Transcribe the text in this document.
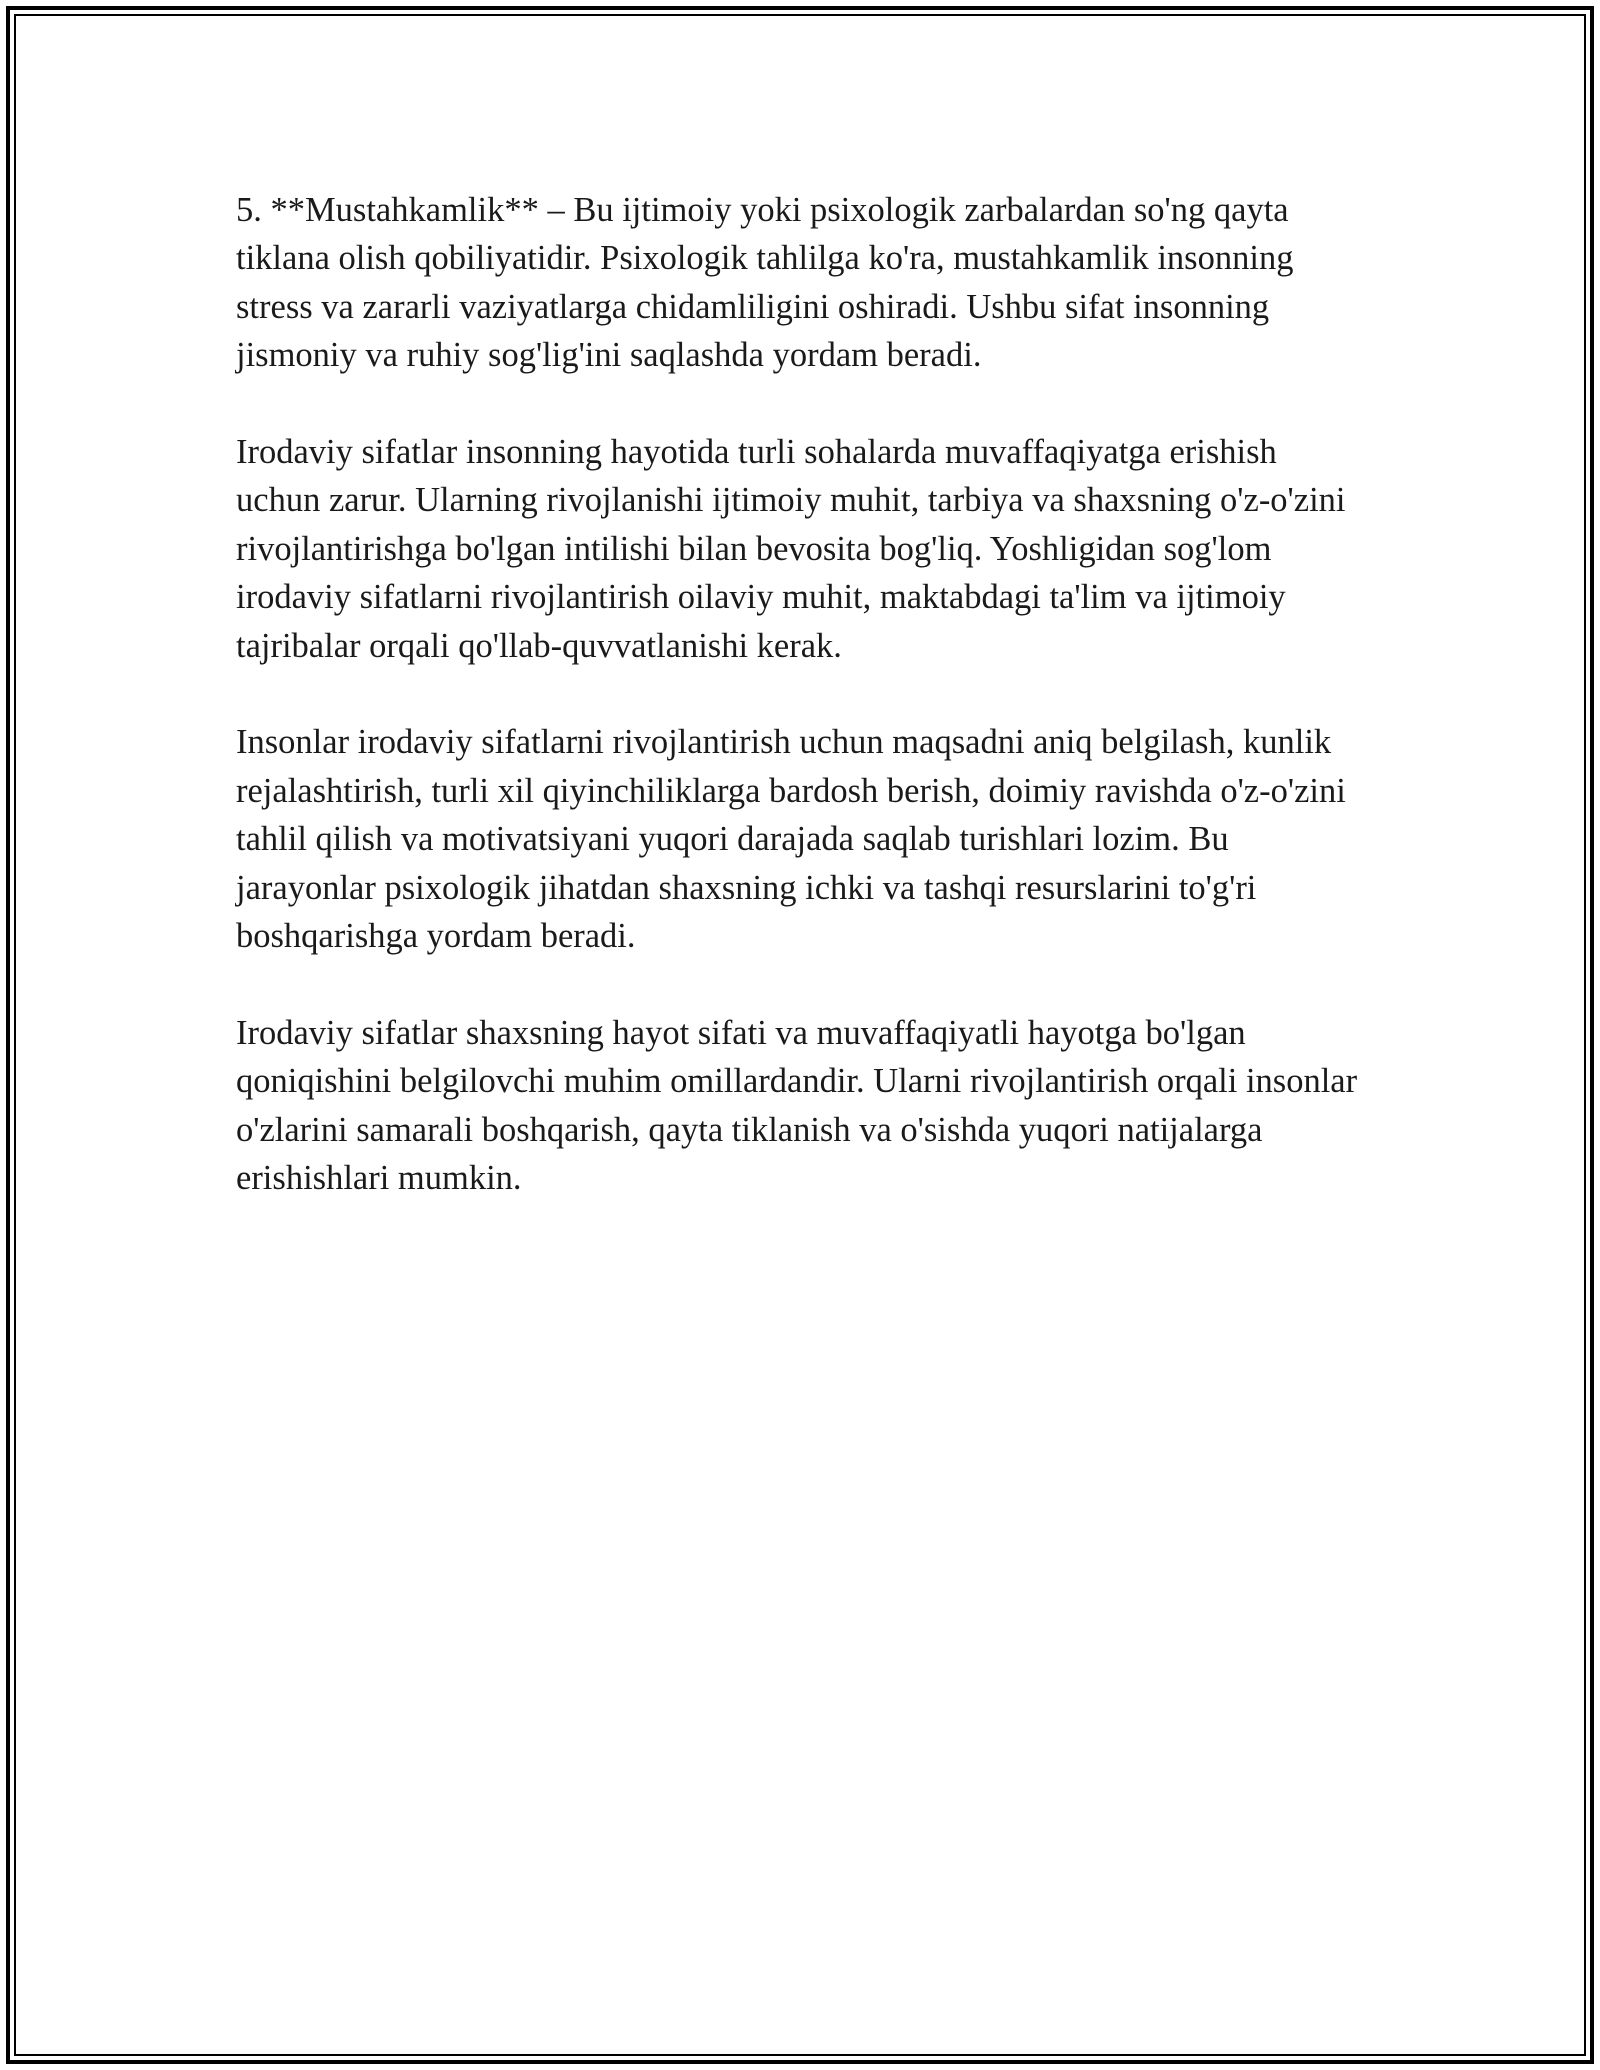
5. **Mustahkamlik** – Bu ijtimoiy yoki psixologik zarbalardan so'ng qayta tiklana olish qobiliyatidir. Psixologik tahlilga ko'ra, mustahkamlik insonning stress va zararli vaziyatlarga chidamliligini oshiradi. Ushbu sifat insonning jismoniy va ruhiy sog'lig'ini saqlashda yordam beradi.

Irodaviy sifatlar insonning hayotida turli sohalarda muvaffaqiyatga erishish uchun zarur. Ularning rivojlanishi ijtimoiy muhit, tarbiya va shaxsning o'z-o'zini rivojlantirishga bo'lgan intilishi bilan bevosita bog'liq. Yoshligidan sog'lom irodaviy sifatlarni rivojlantirish oilaviy muhit, maktabdagi ta'lim va ijtimoiy tajribalar orqali qo'llab-quvvatlanishi kerak.

Insonlar irodaviy sifatlarni rivojlantirish uchun maqsadni aniq belgilash, kunlik rejalashtirish, turli xil qiyinchiliklarga bardosh berish, doimiy ravishda o'z-o'zini tahlil qilish va motivatsiyani yuqori darajada saqlab turishlari lozim. Bu jarayonlar psixologik jihatdan shaxsning ichki va tashqi resurslarini to'g'ri boshqarishga yordam beradi.

Irodaviy sifatlar shaxsning hayot sifati va muvaffaqiyatli hayotga bo'lgan qoniqishini belgilovchi muhim omillardandir. Ularni rivojlantirish orqali insonlar o'zlarini samarali boshqarish, qayta tiklanish va o'sishda yuqori natijalarga erishishlari mumkin.
